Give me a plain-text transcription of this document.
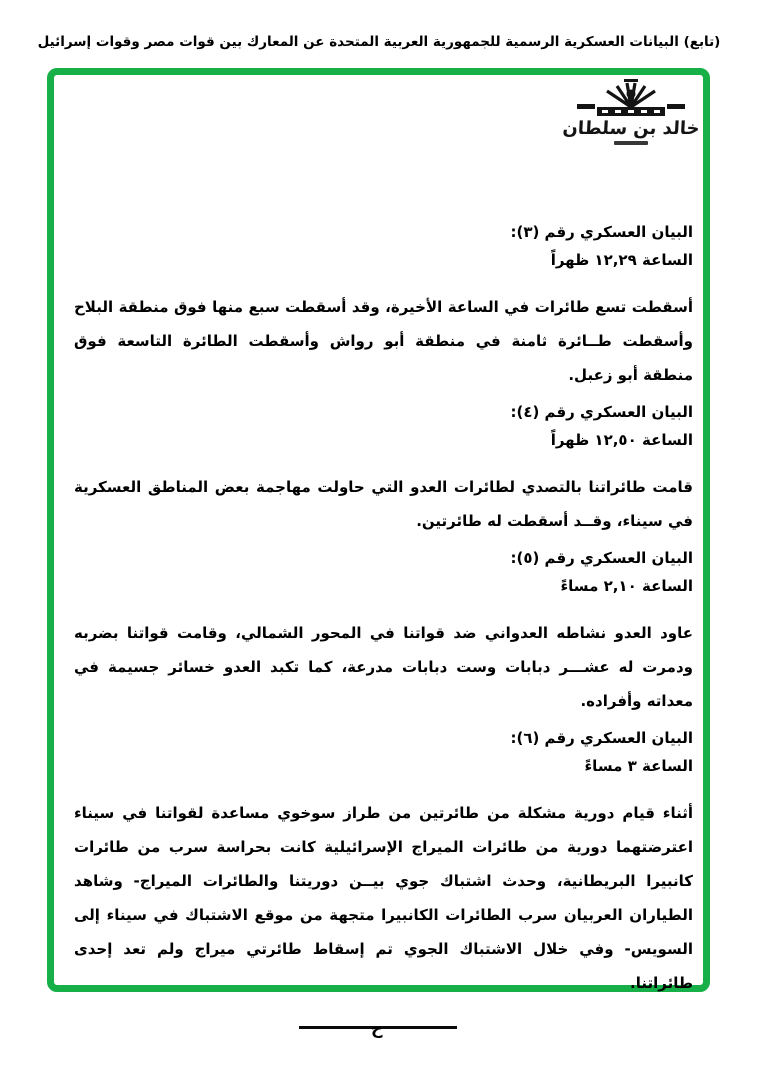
(تابع) البيانات العسكرية الرسمية للجمهورية العربية المتحدة عن المعارك بين قوات مصر وقوات إسرائيل
خالد بن سلطان
البيان العسكري رقم (٣):
الساعة ١٢,٢٩ ظهراً
أسقطت تسع طائرات في الساعة الأخيرة، وقد أسقطت سبع منها فوق منطقة البلاح وأسقطت طــائرة ثامنة في منطقة أبو رواش وأسقطت الطائرة التاسعة فوق منطقة أبو زعبل.
البيان العسكري رقم (٤):
الساعة ١٢,٥٠ ظهراً
قامت طائراتنا بالتصدي لطائرات العدو التي حاولت مهاجمة بعض المناطق العسكرية في سيناء، وقــد أسقطت له طائرتين.
البيان العسكري رقم (٥):
الساعة ٢,١٠ مساءً
عاود العدو نشاطه العدواني ضد قواتنا في المحور الشمالي، وقامت قواتنا بضربه ودمرت له عشـــر دبابات وست دبابات مدرعة، كما تكبد العدو خسائر جسيمة في معداته وأفراده.
البيان العسكري رقم (٦):
الساعة ٣ مساءً
أثناء قيام دورية مشكلة من طائرتين من طراز سوخوي مساعدة لقواتنا في سيناء اعترضتهما دورية من طائرات الميراج الإسرائيلية كانت بحراسة سرب من طائرات كانبيرا البريطانية، وحدث اشتباك جوي بيــن دوريتنا والطائرات الميراج- وشاهد الطياران العربيان سرب الطائرات الكانبيرا متجهة من موقع الاشتباك في سيناء إلى السويس- وفي خلال الاشتباك الجوي تم إسقاط طائرتي ميراج ولم تعد إحدى طائراتنا.
ح
